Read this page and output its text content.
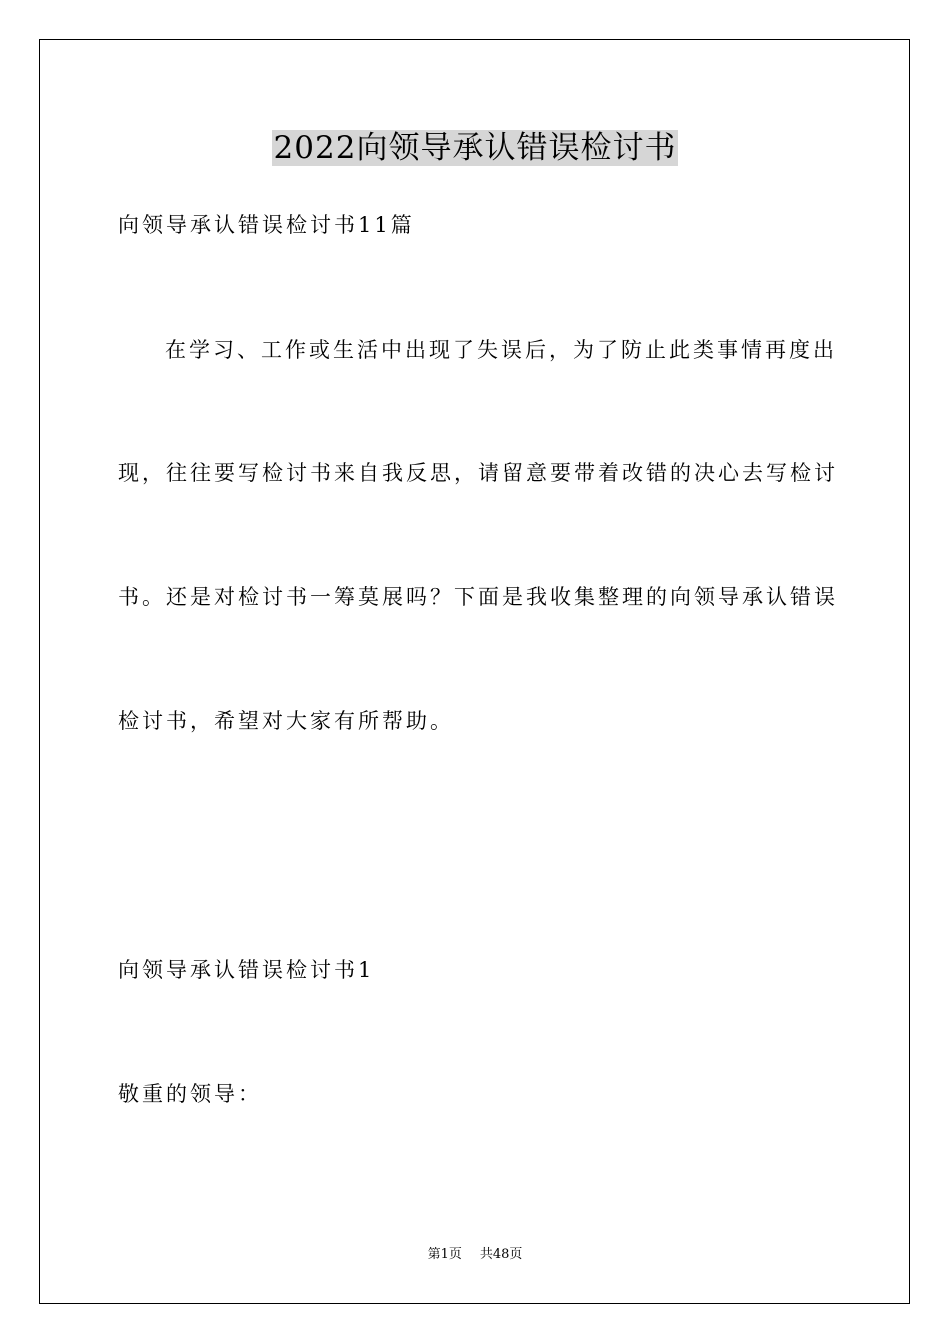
2022向领导承认错误检讨书
向领导承认错误检讨书11篇
在学习、工作或生活中出现了失误后，为了防止此类事情再度出
现，往往要写检讨书来自我反思，请留意要带着改错的决心去写检讨
书。还是对检讨书一筹莫展吗？下面是我收集整理的向领导承认错误
检讨书，希望对大家有所帮助。
向领导承认错误检讨书1
敬重的领导：
第1页 共48页
